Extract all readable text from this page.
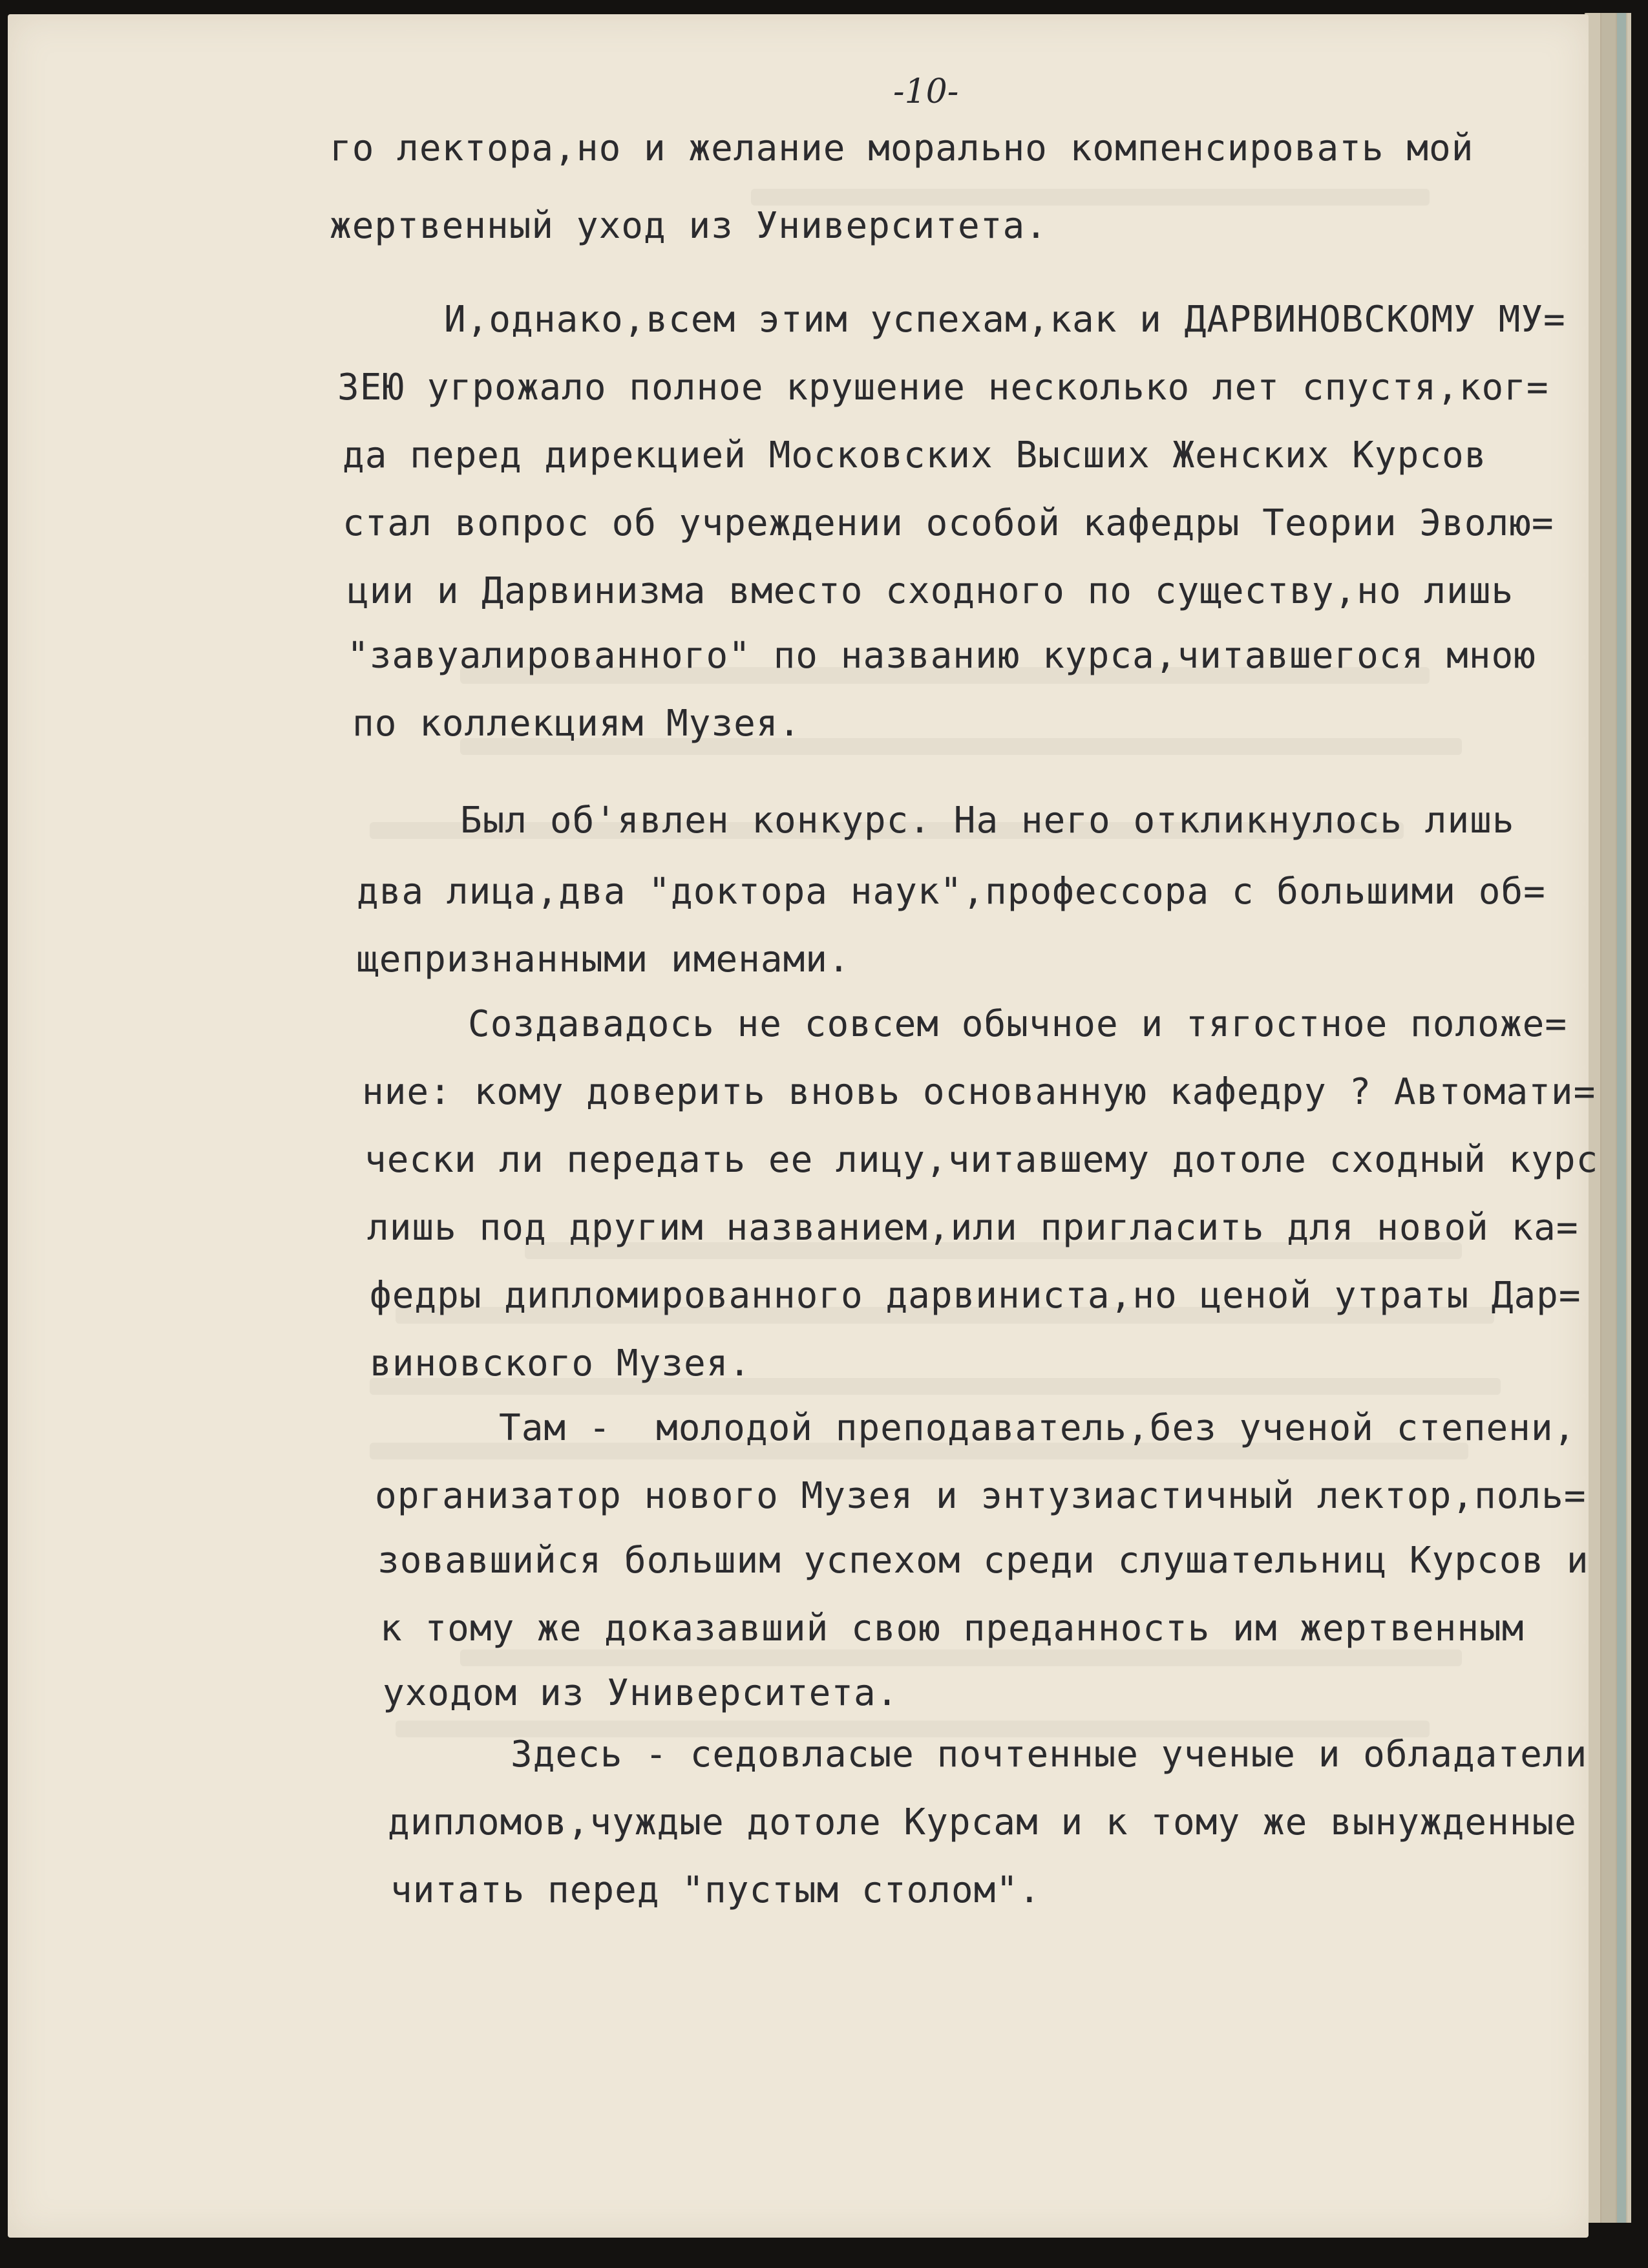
-10-
го лектора,но и желание морально компенсировать мой
жертвенный уход из Университета.
И,однако,всем этим успехам,как и ДАРВИНОВСКОМУ МУ=
ЗЕЮ угрожало полное крушение несколько лет спустя,ког=
да перед дирекцией Московских Высших Женских Курсов
стал вопрос об учреждении особой кафедры Теории Эволю=
ции и Дарвинизма вместо сходного по существу,но лишь
"завуалированного" по названию курса,читавшегося мною
по коллекциям Музея.
Был об'явлен конкурс. На него откликнулось лишь
два лица,два "доктора наук",профессора с большими об=
щепризнанными именами.
Создавадось не совсем обычное и тягостное положе=
ние: кому доверить вновь основанную кафедру ? Автомати=
чески ли передать ее лицу,читавшему дотоле сходный курс
лишь под другим названием,или пригласить для новой ка=
федры дипломированного дарвиниста,но ценой утраты Дар=
виновского Музея.
Там -  молодой преподаватель,без ученой степени,
организатор нового Музея и энтузиастичный лектор,поль=
зовавшийся большим успехом среди слушательниц Курсов и
к тому же доказавший свою преданность им жертвенным
уходом из Университета.
Здесь - седовласые почтенные ученые и обладатели
дипломов,чуждые дотоле Курсам и к тому же вынужденные
читать перед "пустым столом".
